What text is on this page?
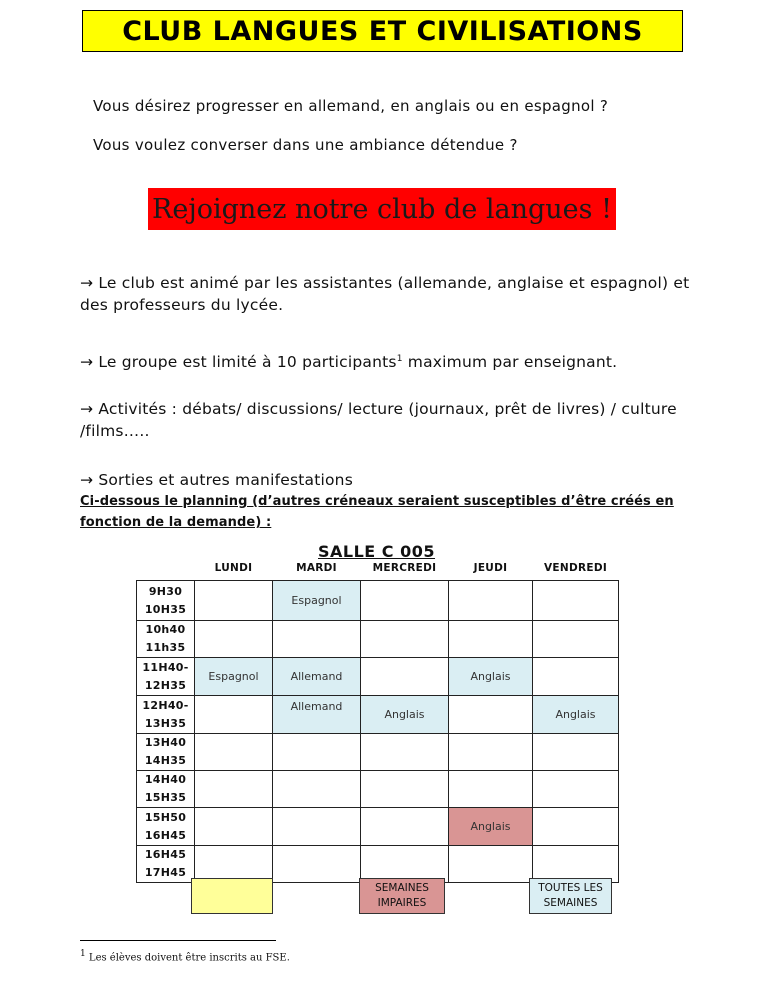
CLUB LANGUES ET CIVILISATIONS
Vous désirez progresser en allemand, en anglais ou en espagnol ?
Vous voulez converser dans une ambiance détendue ?
Rejoignez notre club de langues !
→ Le club est animé par les assistantes (allemande, anglaise et espagnol) et des professeurs du lycée.
→ Le groupe est limité à 10 participants$^1$ maximum par enseignant.
→ Activités : débats/ discussions/ lecture (journaux, prêt de livres) / culture /films…..
→ Sorties et autres manifestations
Ci-dessous le planning (d’autres créneaux seraient susceptibles d’être créés en fonction de la demande) :
SALLE C 005
	LUNDI	MARDI	MERCREDI	JEUDI	VENDREDI
9H30 10H35		Espagnol			
10h40 11h35					
11H40- 12H35	Espagnol	Allemand		Anglais	
12H40- 13H35		Allemand	Anglais		Anglais
13H40 14H35					
14H40 15H35					
15H50 16H45				Anglais	
16H45 17H45					
SEMAINES IMPAIRES
TOUTES LES SEMAINES
1 Les élèves doivent être inscrits au FSE.
